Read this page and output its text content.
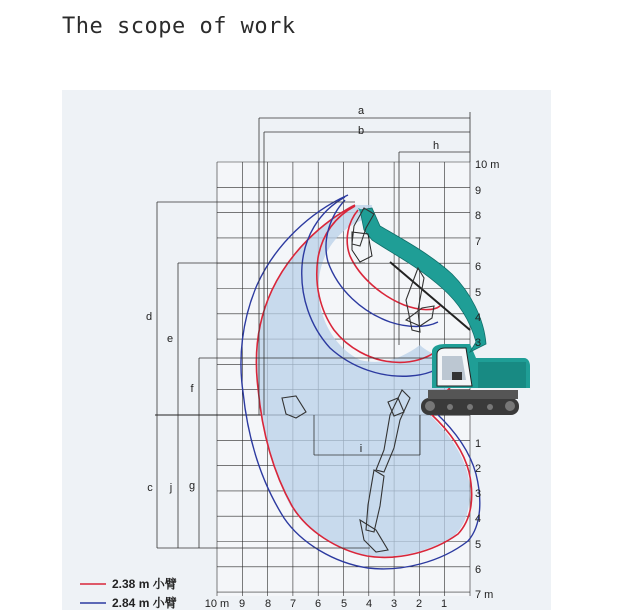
The scope of work
a
b
h
d
e
f
c j g
i
10 m
9
8
7
6
5
4
3
1
2
3
4
5
6
7 m
10 m 9 8 7 6 5 4 3 2 1
2.38 m 小臂
2.84 m 小臂
